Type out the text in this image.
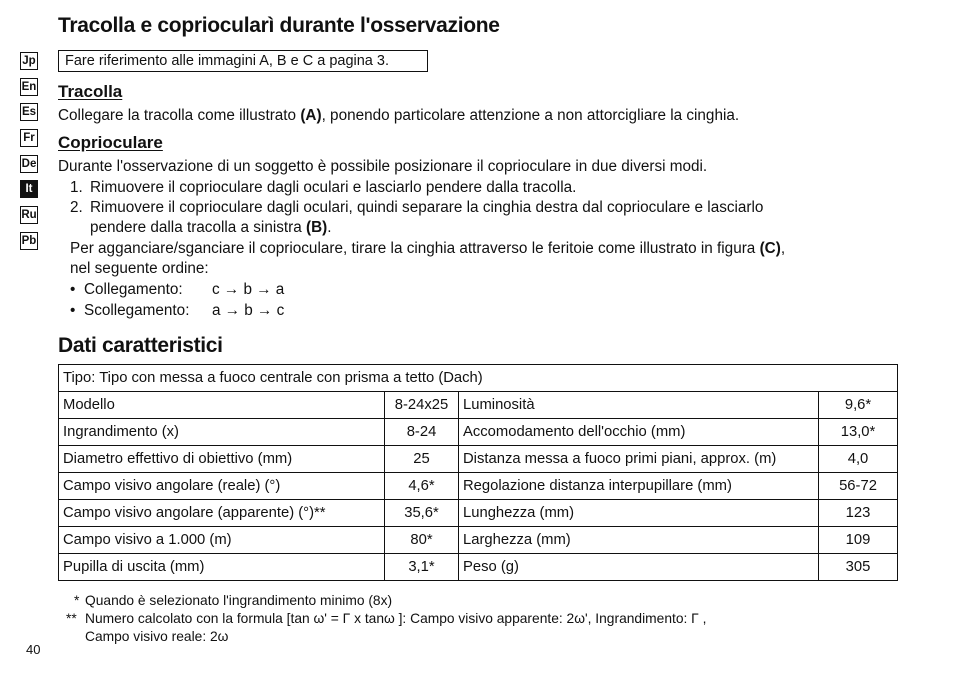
Tracolla e copriocularì durante l'osservazione
Fare riferimento alle immagini A, B e C a pagina 3.
Jp
En
Es
Fr
De
It
Ru
Pb
Tracolla
Collegare la tracolla come illustrato (A), ponendo particolare attenzione a non attorcigliare la cinghia.
Copriocularе
Durante l'osservazione di un soggetto è possibile posizionare il copriocularе in due diversi modi.
1. Rimuovere il copriocularе dagli oculari e lasciarlo pendere dalla tracolla.
2. Rimuovere il copriocularе dagli oculari, quindi separare la cinghia destra dal copriocularе e lasciarlo
pendere dalla tracolla a sinistra (B).
Per agganciare/sganciare il copriocularе, tirare la cinghia attraverso le feritoie come illustrato in figura (C),
nel seguente ordine:
• Collegamento: c → b → a
• Scollegamento: a → b → c
Dati caratteristici
Tipo: Tipo con messa a fuoco centrale con prisma a tetto (Dach)			
Modello	8-24x25	Luminosità	9,6*
Ingrandimento (x)	8-24	Accomodamento dell'occhio (mm)	13,0*
Diametro effettivo di obiettivo (mm)	25	Distanza messa a fuoco primi piani, approx. (m)	4,0
Campo visivo angolare (reale) (°)	4,6*	Regolazione distanza interpupillare (mm)	56-72
Campo visivo angolare (apparente) (°)**	35,6*	Lunghezza (mm)	123
Campo visivo a 1.000 (m)	80*	Larghezza (mm)	109
Pupilla di uscita (mm)	3,1*	Peso (g)	305
* Quando è selezionato l'ingrandimento minimo (8x)
** Numero calcolato con la formula [tan ω' = Γ x tanω ]: Campo visivo apparente: 2ω', Ingrandimento: Γ ,
Campo visivo reale: 2ω
40
